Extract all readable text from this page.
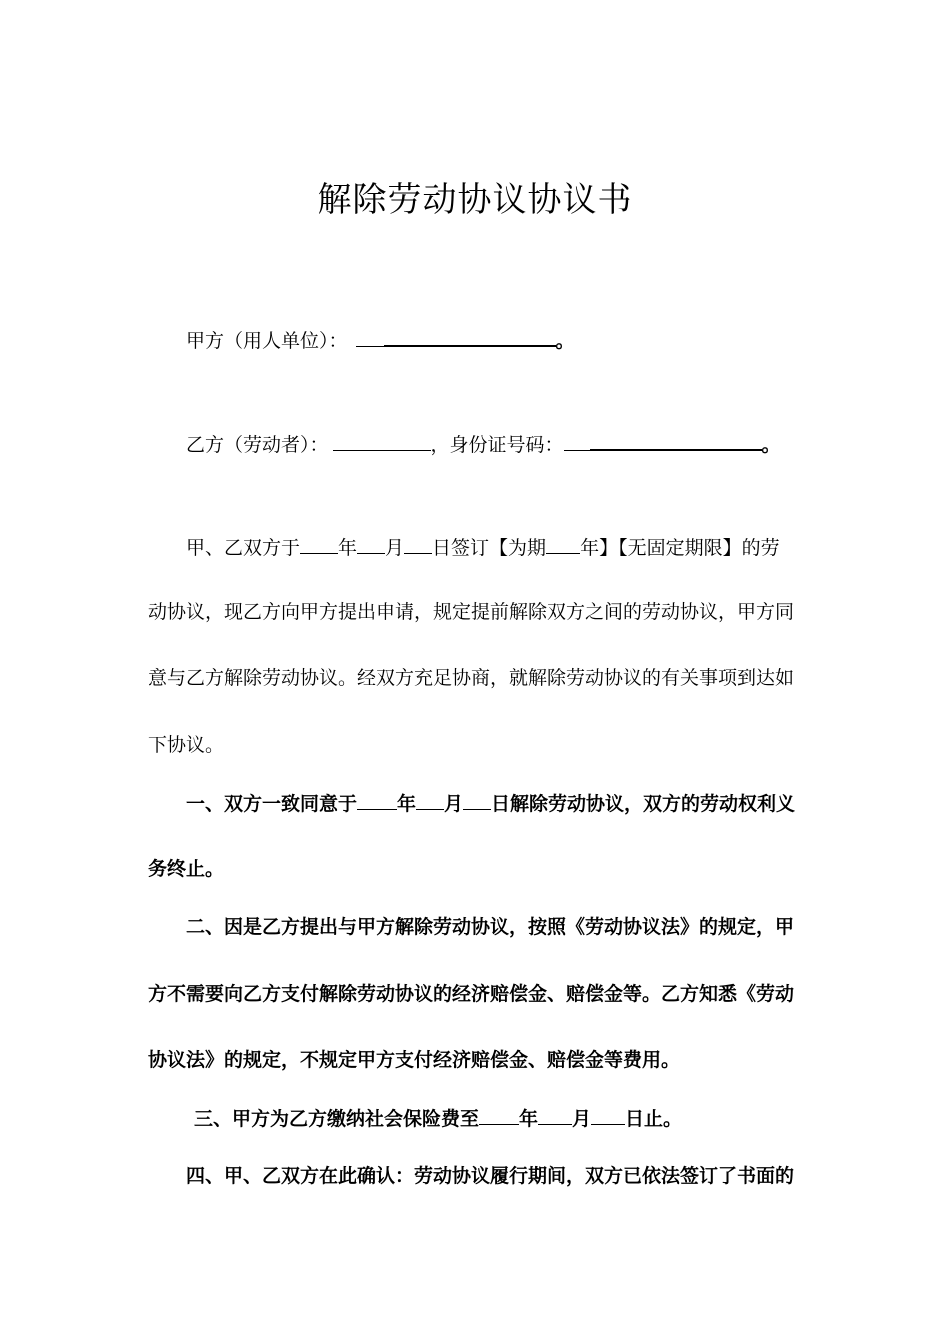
解除劳动协议协议书
甲方（用人单位）：	。
乙方（劳动者）：	，身份证号码：	。
甲、乙双方于 年 月 日签订【为期 年】【无固定期限】的劳
动协议，现乙方向甲方提出申请，规定提前解除双方之间的劳动协议，甲方同
意与乙方解除劳动协议。经双方充足协商，就解除劳动协议的有关事项到达如
下协议。
一、双方一致同意于 年 月 日解除劳动协议，双方的劳动权利义
务终止。
二、因是乙方提出与甲方解除劳动协议，按照《劳动协议法》的规定，甲
方不需要向乙方支付解除劳动协议的经济赔偿金、赔偿金等。乙方知悉《劳动
协议法》的规定，不规定甲方支付经济赔偿金、赔偿金等费用。
三、甲方为乙方缴纳社会保险费至 年 月 日止。
四、甲、乙双方在此确认：劳动协议履行期间，双方已依法签订了书面的
